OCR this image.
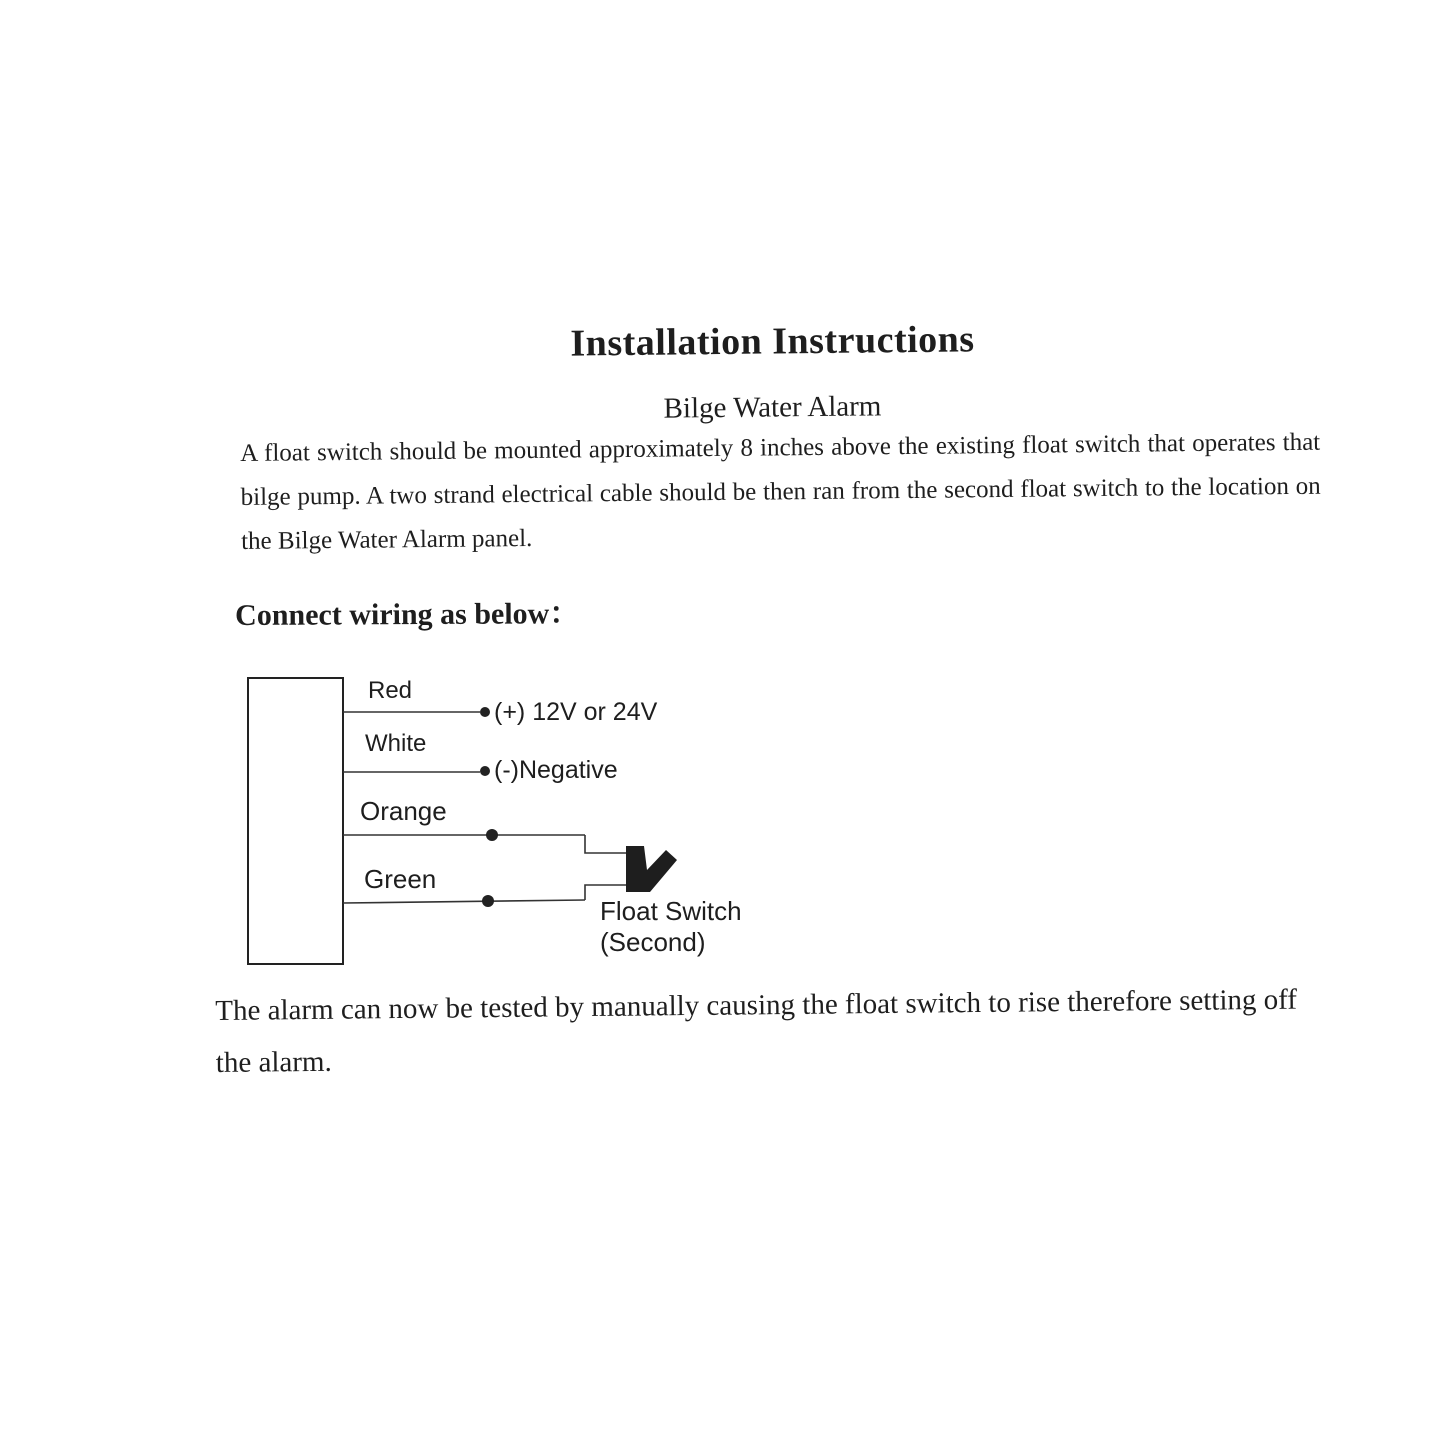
Installation Instructions
Bilge Water Alarm
A float switch should be mounted approximately 8 inches above the existing float switch that operates that bilge pump. A two strand electrical cable should be then ran from the second float switch to the location on the Bilge Water Alarm panel.
Connect wiring as below：
Red
(+) 12V or 24V
White
(-)Negative
Orange
Green
Float Switch
(Second)
The alarm can now be tested by manually causing the float switch to rise therefore setting off the alarm.
